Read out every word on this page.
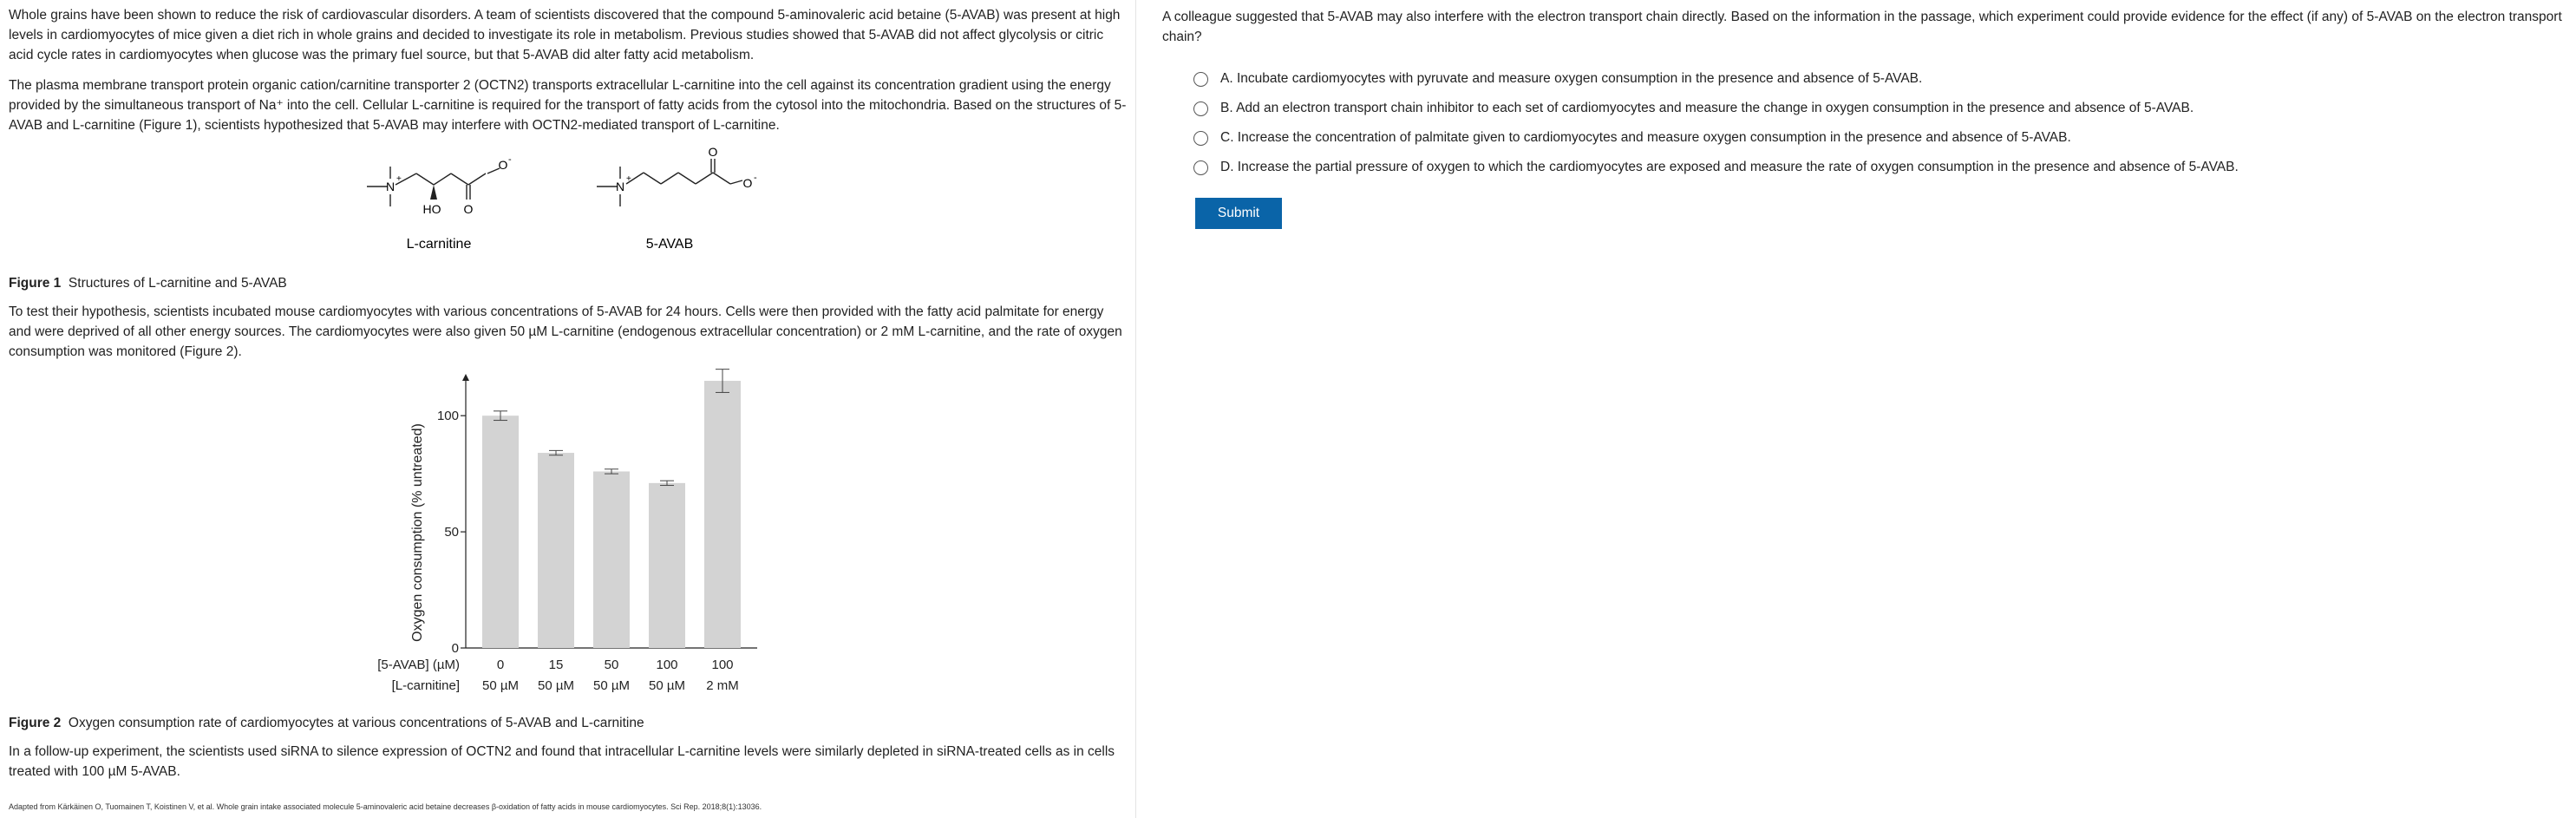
Whole grains have been shown to reduce the risk of cardiovascular disorders. A team of scientists discovered that the compound 5-aminovaleric acid betaine (5-AVAB) was present at high levels in cardiomyocytes of mice given a diet rich in whole grains and decided to investigate its role in metabolism. Previous studies showed that 5-AVAB did not affect glycolysis or citric acid cycle rates in cardiomyocytes when glucose was the primary fuel source, but that 5-AVAB did alter fatty acid metabolism.

The plasma membrane transport protein organic cation/carnitine transporter 2 (OCTN2) transports extracellular L-carnitine into the cell against its concentration gradient using the energy provided by the simultaneous transport of Na⁺ into the cell. Cellular L-carnitine is required for the transport of fatty acids from the cytosol into the mitochondria. Based on the structures of 5-AVAB and L-carnitine (Figure 1), scientists hypothesized that 5-AVAB may interfere with OCTN2-mediated transport of L-carnitine.

N
+
O -
O
HO
N
+
O
O -
L-carnitine	5-AVAB

Figure 1 Structures of L-carnitine and 5-AVAB

To test their hypothesis, scientists incubated mouse cardiomyocytes with various concentrations of 5-AVAB for 24 hours. Cells were then provided with the fatty acid palmitate for energy and were deprived of all other energy sources. The cardiomyocytes were also given 50 µM L-carnitine (endogenous extracellular concentration) or 2 mM L-carnitine, and the rate of oxygen consumption was monitored (Figure 2).

0
50
100
Oxygen consumption (% untreated)
0
50 µM
15
50 µM
50
50 µM
100
50 µM
100
2 mM
[5-AVAB] (µM)
[L-carnitine]

Figure 2 Oxygen consumption rate of cardiomyocytes at various concentrations of 5-AVAB and L-carnitine

In a follow-up experiment, the scientists used siRNA to silence expression of OCTN2 and found that intracellular L-carnitine levels were similarly depleted in siRNA-treated cells as in cells treated with 100 µM 5-AVAB.

Adapted from Kärkäinen O, Tuomainen T, Koistinen V, et al. Whole grain intake associated molecule 5-aminovaleric acid betaine decreases β-oxidation of fatty acids in mouse cardiomyocytes. Sci Rep. 2018;8(1):13036.

A colleague suggested that 5-AVAB may also interfere with the electron transport chain directly. Based on the information in the passage, which experiment could provide evidence for the effect (if any) of 5-AVAB on the electron transport chain?

A. Incubate cardiomyocytes with pyruvate and measure oxygen consumption in the presence and absence of 5-AVAB.
B. Add an electron transport chain inhibitor to each set of cardiomyocytes and measure the change in oxygen consumption in the presence and absence of 5-AVAB.
C. Increase the concentration of palmitate given to cardiomyocytes and measure oxygen consumption in the presence and absence of 5-AVAB.
D. Increase the partial pressure of oxygen to which the cardiomyocytes are exposed and measure the rate of oxygen consumption in the presence and absence of 5-AVAB.
Submit
